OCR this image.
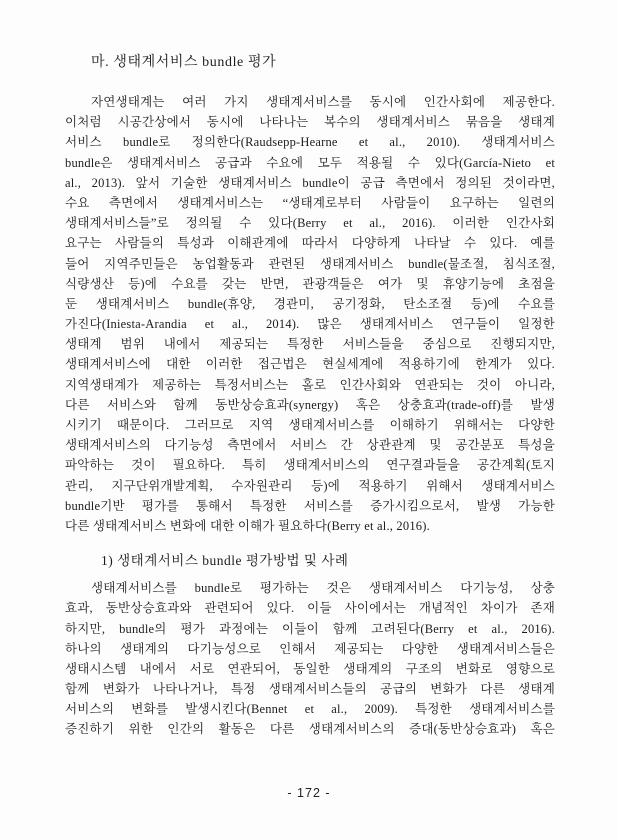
마. 생태계서비스 bundle 평가
자연생태계는 여러 가지 생태계서비스를 동시에 인간사회에 제공한다.
이처럼 시공간상에서 동시에 나타나는 복수의 생태계서비스 묶음을 생태계
서비스 bundle로 정의한다(Raudsepp-Hearne et al., 2010). 생태계서비스
bundle은 생태계서비스 공급과 수요에 모두 적용될 수 있다(García-Nieto et
al., 2013). 앞서 기술한 생태계서비스 bundle이 공급 측면에서 정의된 것이라면,
수요 측면에서 생태계서비스는 “생태계로부터 사람들이 요구하는 일련의
생태계서비스들”로 정의될 수 있다(Berry et al., 2016). 이러한 인간사회
요구는 사람들의 특성과 이해관계에 따라서 다양하게 나타날 수 있다. 예를
들어 지역주민들은 농업활동과 관련된 생태계서비스 bundle(물조절, 침식조절,
식량생산 등)에 수요를 갖는 반면, 관광객들은 여가 및 휴양기능에 초점을
둔 생태계서비스 bundle(휴양, 경관미, 공기정화, 탄소조절 등)에 수요를
가진다(Iniesta-Arandia et al., 2014). 많은 생태계서비스 연구들이 일정한
생태계 범위 내에서 제공되는 특정한 서비스들을 중심으로 진행되지만,
생태계서비스에 대한 이러한 접근법은 현실세계에 적용하기에 한계가 있다.
지역생태계가 제공하는 특정서비스는 홀로 인간사회와 연관되는 것이 아니라,
다른 서비스와 함께 동반상승효과(synergy) 혹은 상충효과(trade-off)를 발생
시키기 때문이다. 그러므로 지역 생태계서비스를 이해하기 위해서는 다양한
생태계서비스의 다기능성 측면에서 서비스 간 상관관계 및 공간분포 특성을
파악하는 것이 필요하다. 특히 생태계서비스의 연구결과들을 공간계획(토지
관리, 지구단위개발계획, 수자원관리 등)에 적용하기 위해서 생태계서비스
bundle기반 평가를 통해서 특정한 서비스를 증가시킴으로서, 발생 가능한
다른 생태계서비스 변화에 대한 이해가 필요하다(Berry et al., 2016).
1) 생태계서비스 bundle 평가방법 및 사례
생태계서비스를 bundle로 평가하는 것은 생태계서비스 다기능성, 상충
효과, 동반상승효과와 관련되어 있다. 이들 사이에서는 개념적인 차이가 존재
하지만, bundle의 평가 과정에는 이들이 함께 고려된다(Berry et al., 2016).
하나의 생태계의 다기능성으로 인해서 제공되는 다양한 생태계서비스들은
생태시스템 내에서 서로 연관되어, 동일한 생태계의 구조의 변화로 영향으로
함께 변화가 나타나거나, 특정 생태계서비스들의 공급의 변화가 다른 생태계
서비스의 변화를 발생시킨다(Bennet et al., 2009). 특정한 생태계서비스를
증진하기 위한 인간의 활동은 다른 생태계서비스의 증대(동반상승효과) 혹은
- 172 -
